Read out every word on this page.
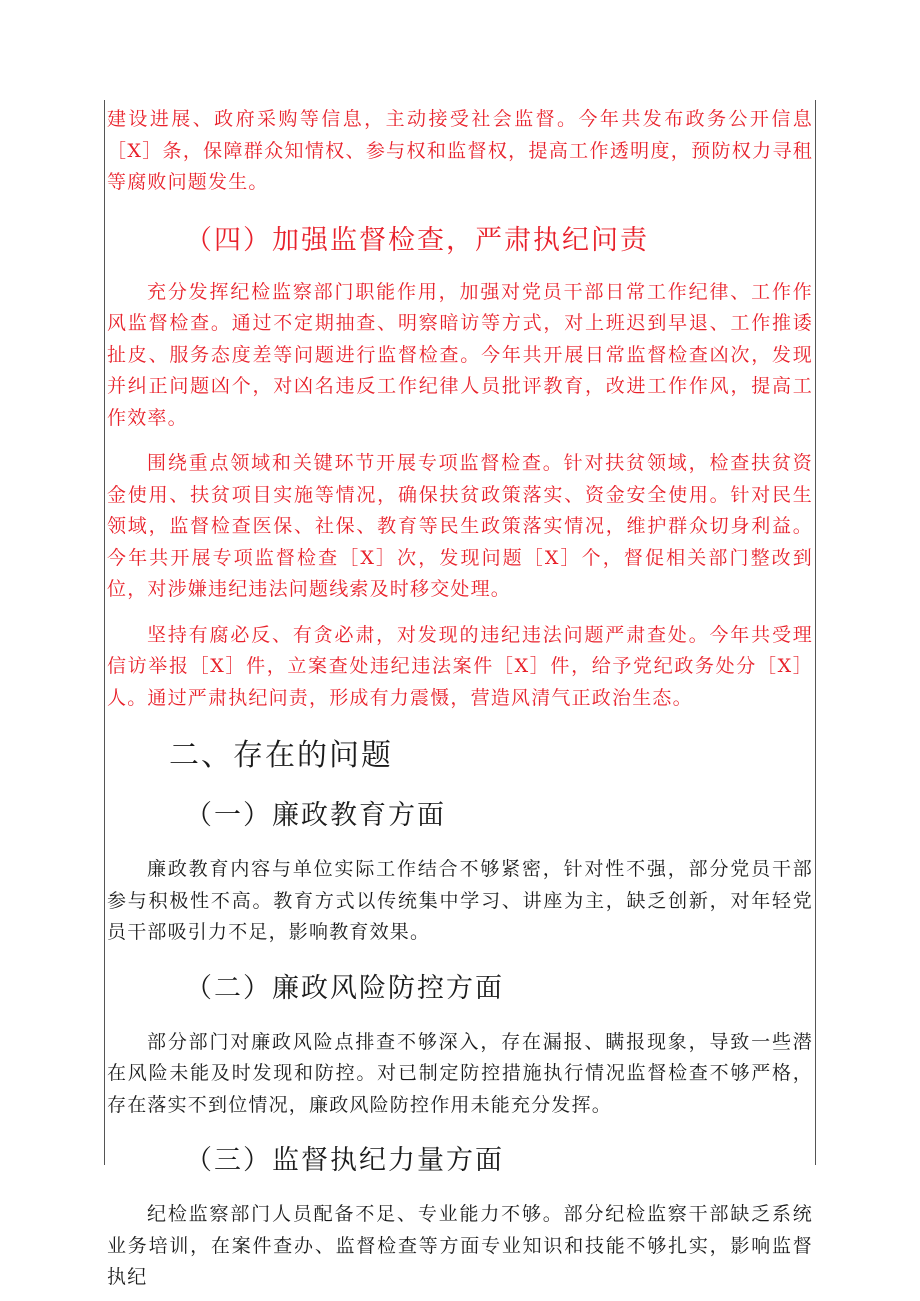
建设进展、政府采购等信息，主动接受社会监督。今年共发布政务公开信息［X］条，保障群众知情权、参与权和监督权，提高工作透明度，预防权力寻租等腐败问题发生。

（四）加强监督检查，严肃执纪问责

充分发挥纪检监察部门职能作用，加强对党员干部日常工作纪律、工作作风监督检查。通过不定期抽查、明察暗访等方式，对上班迟到早退、工作推诿扯皮、服务态度差等问题进行监督检查。今年共开展日常监督检查凶次，发现并纠正问题凶个，对凶名违反工作纪律人员批评教育，改进工作作风，提高工作效率。

围绕重点领域和关键环节开展专项监督检查。针对扶贫领域，检查扶贫资金使用、扶贫项目实施等情况，确保扶贫政策落实、资金安全使用。针对民生领域，监督检查医保、社保、教育等民生政策落实情况，维护群众切身利益。今年共开展专项监督检查［X］次，发现问题［X］个，督促相关部门整改到位，对涉嫌违纪违法问题线索及时移交处理。

坚持有腐必反、有贪必肃，对发现的违纪违法问题严肃查处。今年共受理信访举报［X］件，立案查处违纪违法案件［X］件，给予党纪政务处分［X］人。通过严肃执纪问责，形成有力震慑，营造风清气正政治生态。

二、存在的问题
（一）廉政教育方面

廉政教育内容与单位实际工作结合不够紧密，针对性不强，部分党员干部参与积极性不高。教育方式以传统集中学习、讲座为主，缺乏创新，对年轻党员干部吸引力不足，影响教育效果。

（二）廉政风险防控方面

部分部门对廉政风险点排查不够深入，存在漏报、瞒报现象，导致一些潜在风险未能及时发现和防控。对已制定防控措施执行情况监督检查不够严格，存在落实不到位情况，廉政风险防控作用未能充分发挥。

（三）监督执纪力量方面

纪检监察部门人员配备不足、专业能力不够。部分纪检监察干部缺乏系统业务培训，在案件查办、监督检查等方面专业知识和技能不够扎实，影响监督执纪
